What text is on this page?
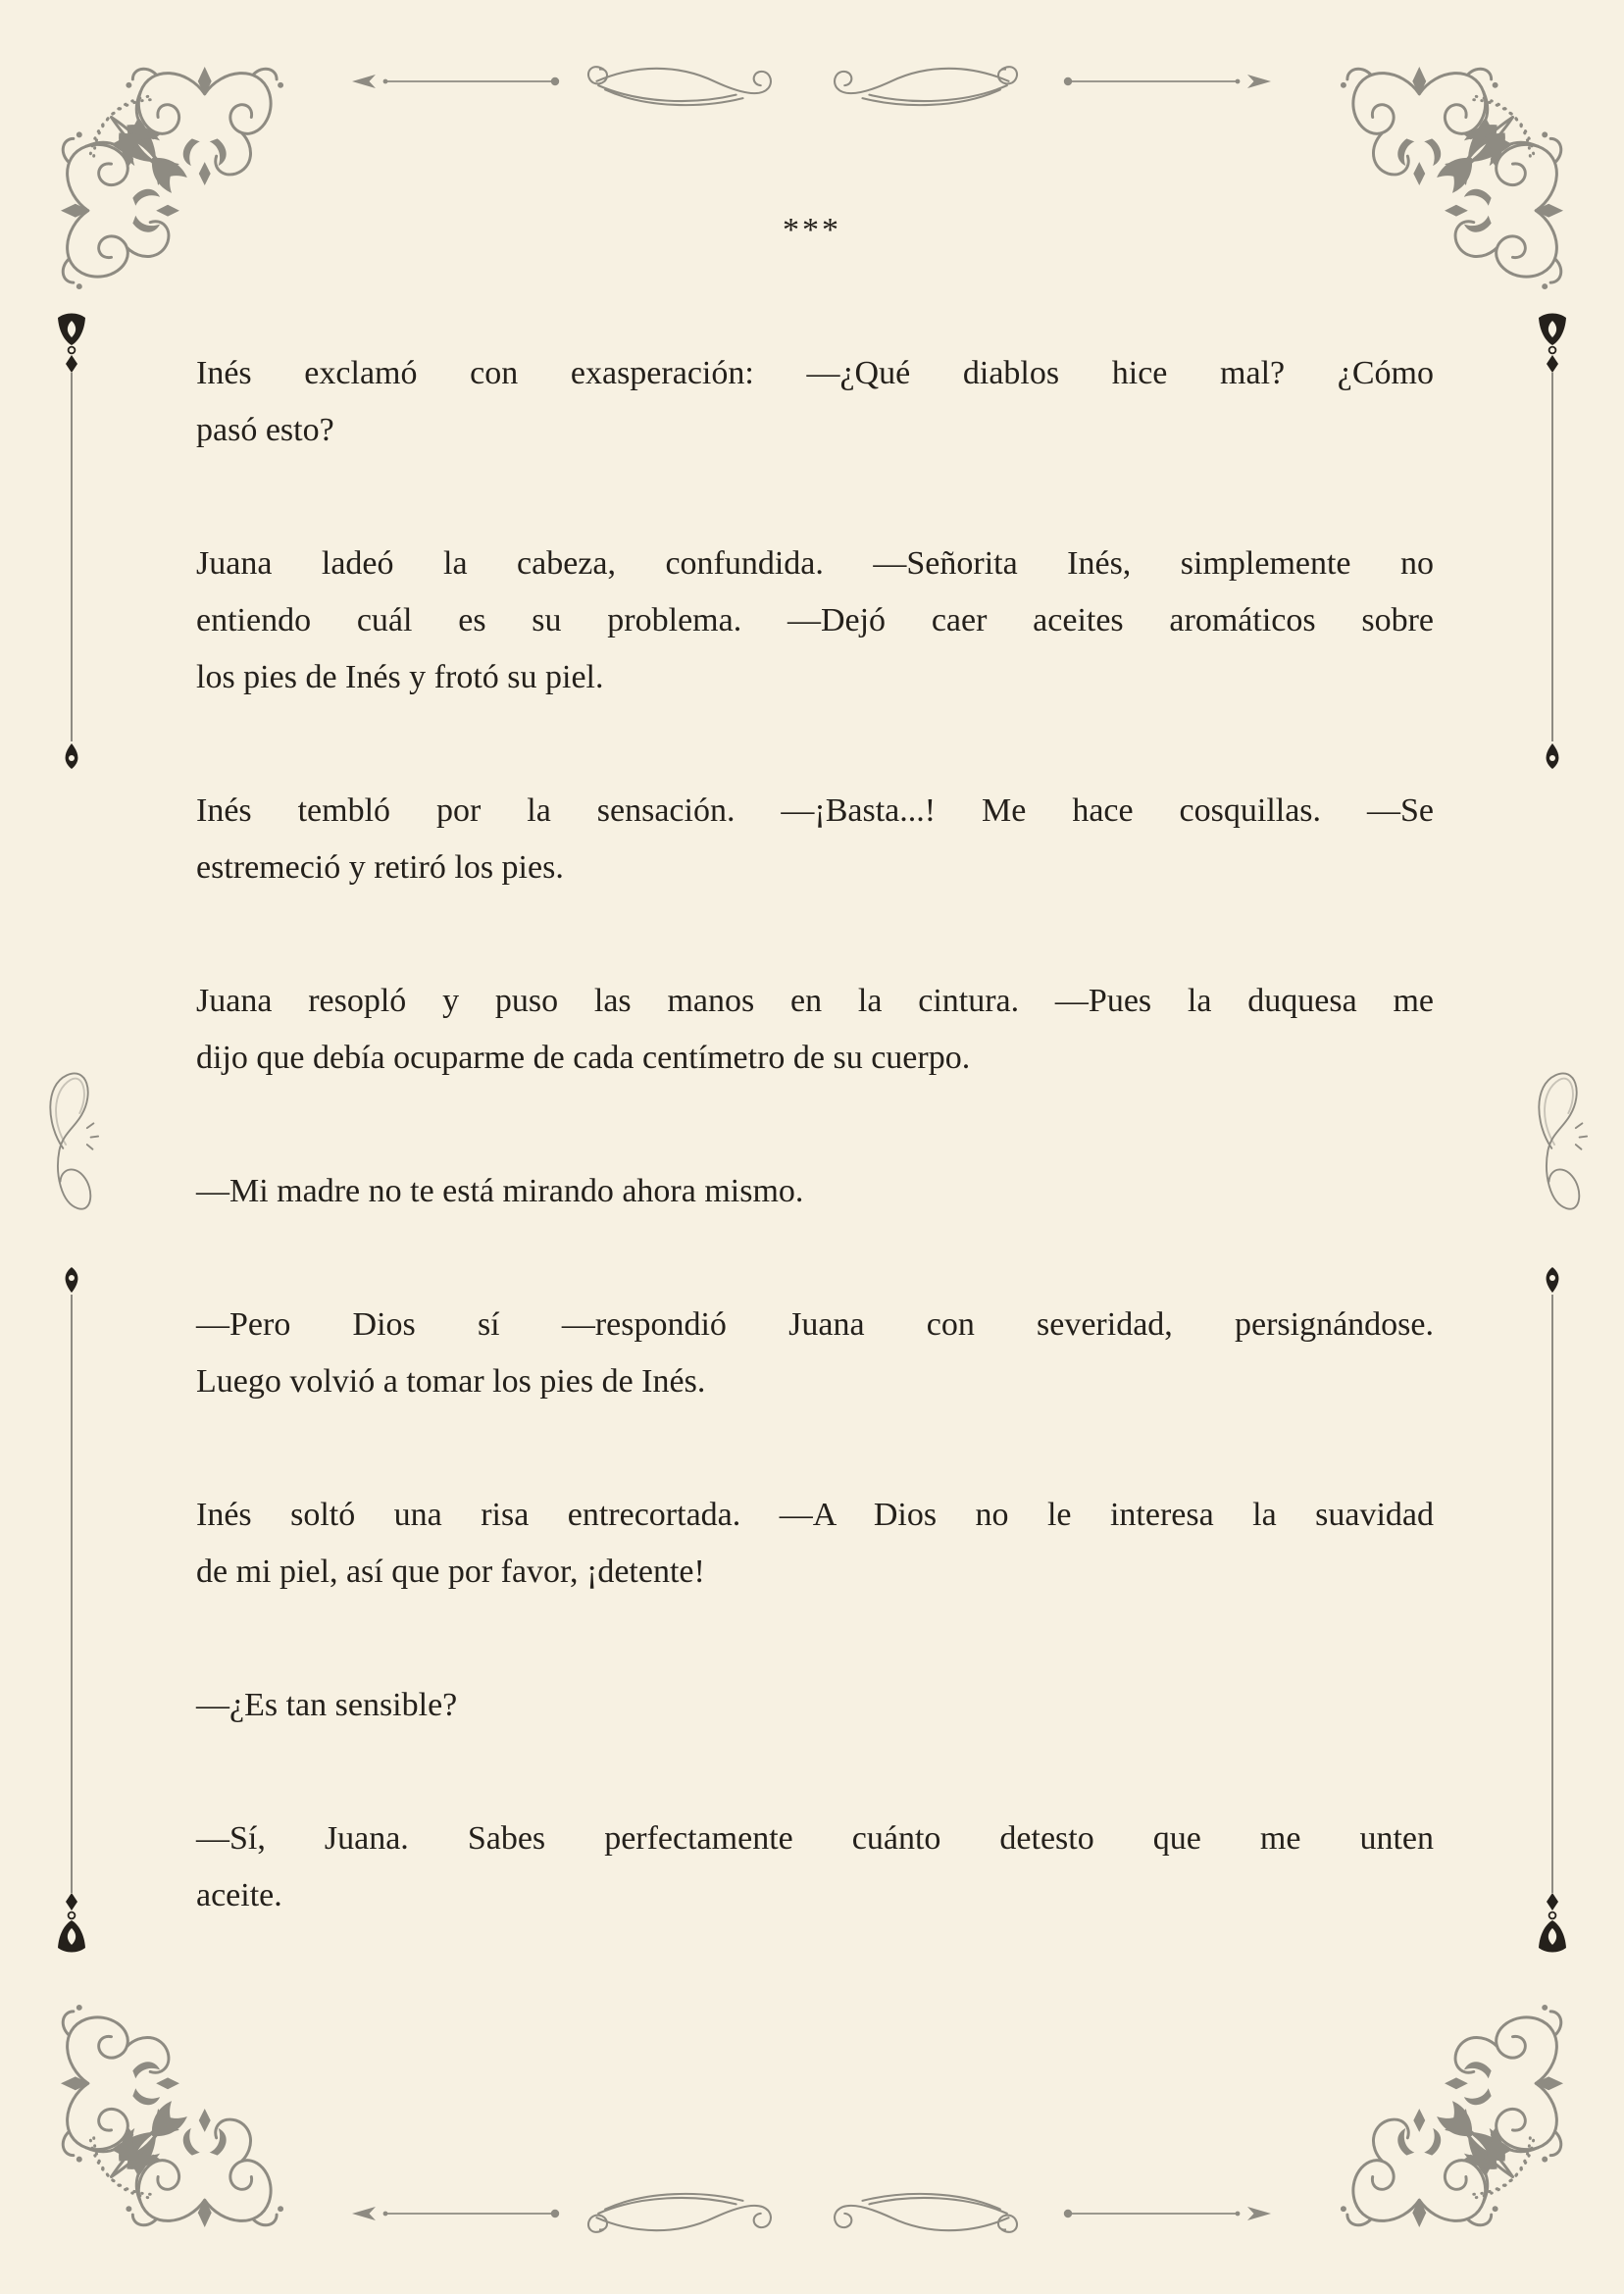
***

Inés exclamó con exasperación: —¿Qué diablos hice mal? ¿Cómo
pasó esto?

Juana ladeó la cabeza, confundida. —Señorita Inés, simplemente no
entiendo cuál es su problema. —Dejó caer aceites aromáticos sobre
los pies de Inés y frotó su piel.

Inés tembló por la sensación. —¡Basta...! Me hace cosquillas. —Se
estremeció y retiró los pies.

Juana resopló y puso las manos en la cintura. —Pues la duquesa me
dijo que debía ocuparme de cada centímetro de su cuerpo.

—Mi madre no te está mirando ahora mismo.

—Pero Dios sí —respondió Juana con severidad, persignándose.
Luego volvió a tomar los pies de Inés.

Inés soltó una risa entrecortada. —A Dios no le interesa la suavidad
de mi piel, así que por favor, ¡detente!

—¿Es tan sensible?

—Sí, Juana. Sabes perfectamente cuánto detesto que me unten
aceite.
